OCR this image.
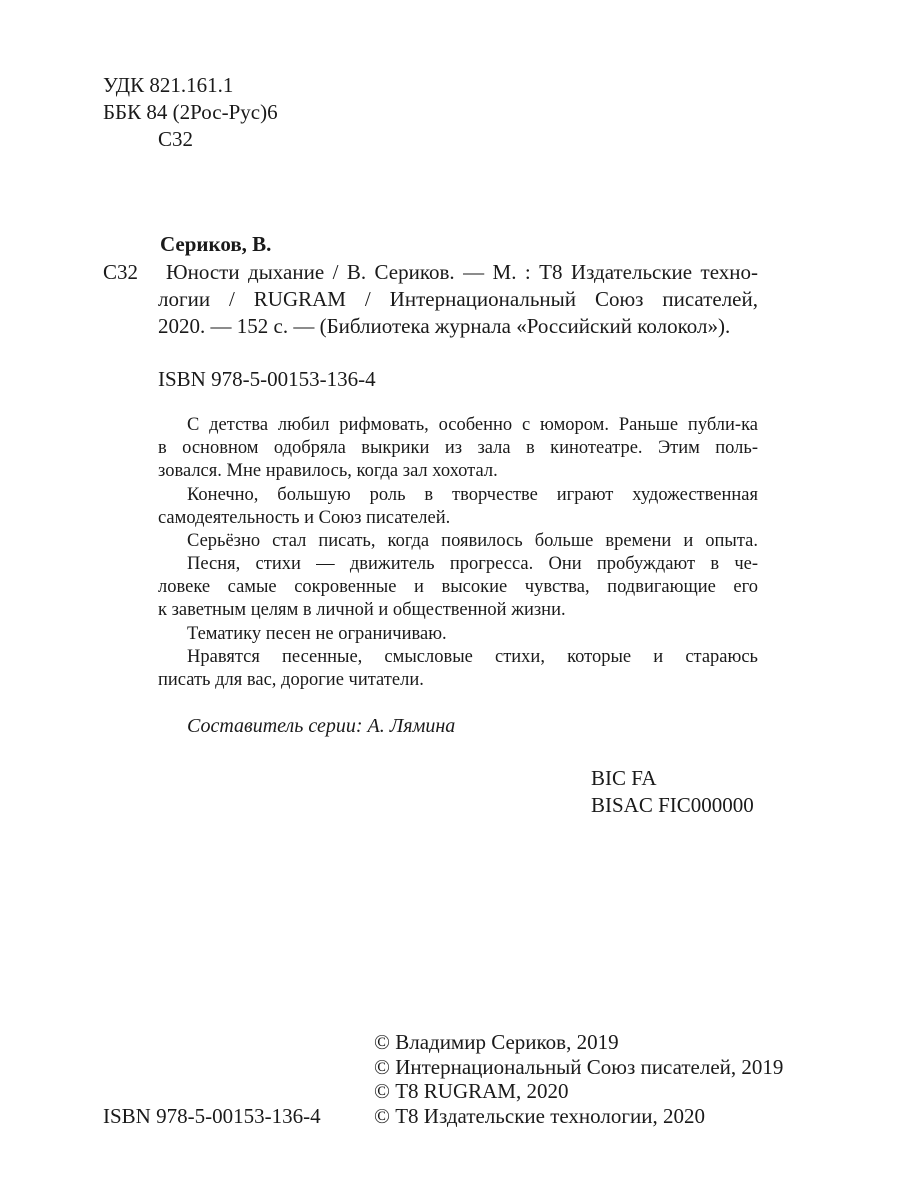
УДК 821.161.1
ББК 84 (2Рос-Рус)6
С32
Сериков, В.
С32 Юности дыхание / В. Сериков. — М. : Т8 Издательские техно-
логии / RUGRAM / Интернациональный Союз писателей,
2020. — 152 с. — (Библиотека журнала «Российский колокол»).
ISBN 978-5-00153-136-4
С детства любил рифмовать, особенно с юмором. Раньше публи-ка
в основном одобряла выкрики из зала в кинотеатре. Этим поль-
зовался. Мне нравилось, когда зал хохотал.
Конечно, большую роль в творчестве играют художественная
самодеятельность и Союз писателей.
Серьёзно стал писать, когда появилось больше времени и опыта.
Песня, стихи — движитель прогресса. Они пробуждают в че-
ловеке самые сокровенные и высокие чувства, подвигающие его
к заветным целям в личной и общественной жизни.
Тематику песен не ограничиваю.
Нравятся песенные, смысловые стихи, которые и стараюсь
писать для вас, дорогие читатели.
Составитель серии: А. Лямина
BIC FA
BISAC FIC000000
ISBN 978-5-00153-136-4
© Владимир Сериков, 2019
© Интернациональный Союз писателей, 2019
© Т8 RUGRAM, 2020
© Т8 Издательские технологии, 2020
